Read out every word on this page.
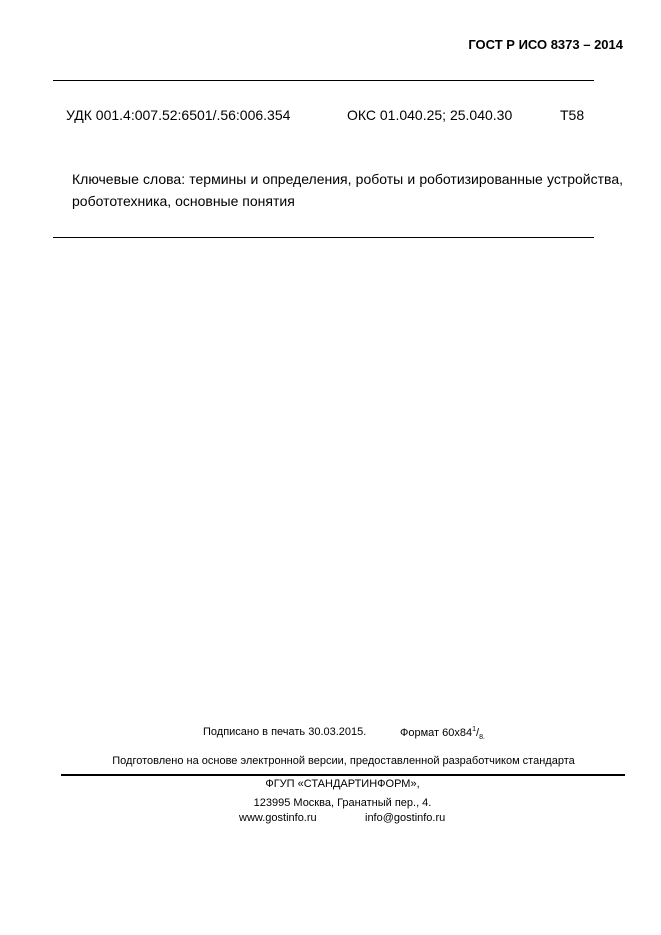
ГОСТ Р ИСО 8373 – 2014
УДК 001.4:007.52:6501/.56:006.354	ОКС 01.040.25; 25.040.30	Т58
Ключевые слова: термины и определения, роботы и роботизированные устройства, робототехника, основные понятия
Подписано в печать 30.03.2015.	Формат $60х84^1/_{8.}$
Подготовлено на основе электронной версии, предоставленной разработчиком стандарта
ФГУП «СТАНДАРТИНФОРМ»,
123995 Москва, Гранатный пер., 4.
www.gostinfo.ru	info@gostinfo.ru
